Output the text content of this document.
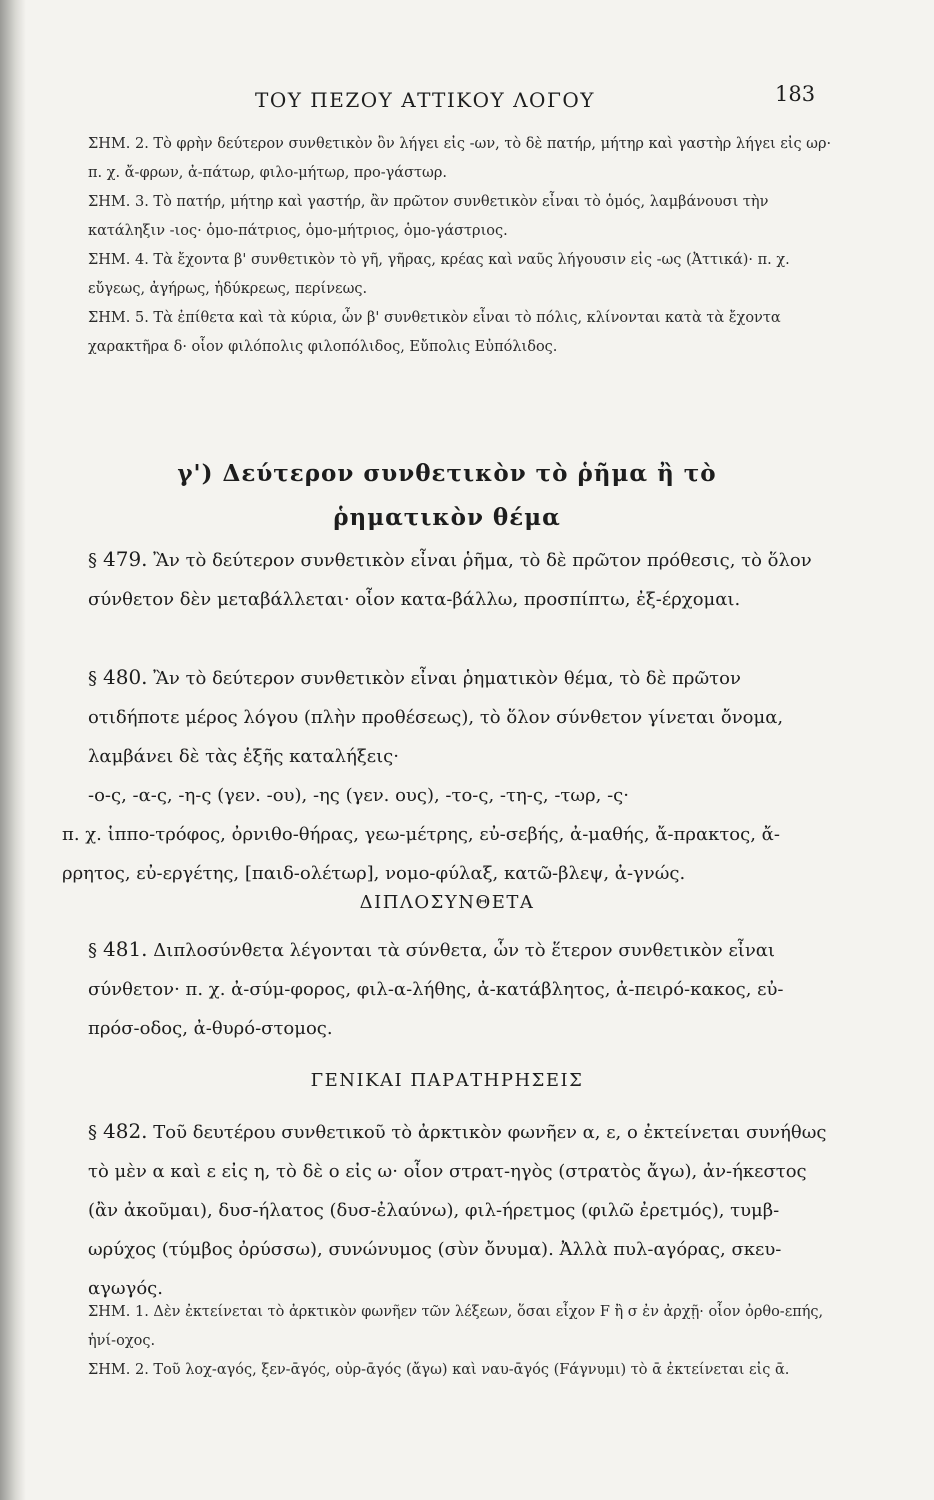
ΤΟΥ ΠΕΖΟΥ ΑΤΤΙΚΟΥ ΛΟΓΟΥ	183

ΣΗΜ. 2. Τὸ φρὴν δεύτερον συνθετικὸν ὂν λήγει εἰς -ων, τὸ δὲ πατήρ, μήτηρ καὶ γαστὴρ λήγει εἰς ωρ· π. χ. ἄ-φρων, ἀ-πάτωρ, φιλο-μήτωρ, προ-γάστωρ.

ΣΗΜ. 3. Τὸ πατήρ, μήτηρ καὶ γαστήρ, ἂν πρῶτον συνθετικὸν εἶναι τὸ ὁμός, λαμβάνουσι τὴν κατάληξιν -ιος· ὁμο-πάτριος, ὁμο-μήτριος, ὁμο-γάστριος.

ΣΗΜ. 4. Τὰ ἔχοντα β' συνθετικὸν τὸ γῆ, γῆρας, κρέας καὶ ναῦς λήγουσιν εἰς -ως (Ἀττικά)· π. χ. εὔγεως, ἀγήρως, ἡδύκρεως, περίνεως.

ΣΗΜ. 5. Τὰ ἐπίθετα καὶ τὰ κύρια, ὧν β' συνθετικὸν εἶναι τὸ πόλις, κλίνονται κατὰ τὰ ἔχοντα χαρακτῆρα δ· οἷον φιλόπολις φιλοπόλιδος, Εὔπολις Εὐπόλιδος.

γ') Δεύτερον συνθετικὸν τὸ ῥῆμα ἢ τὸ
ῥηματικὸν θέμα

§ 479. Ἂν τὸ δεύτερον συνθετικὸν εἶναι ῥῆμα, τὸ δὲ πρῶτον πρόθεσις, τὸ ὅλον σύνθετον δὲν μεταβάλλεται· οἷον κατα-βάλλω, προσπίπτω, ἐξ-έρχομαι.

§ 480. Ἂν τὸ δεύτερον συνθετικὸν εἶναι ῥηματικὸν θέμα, τὸ δὲ πρῶτον οτιδήποτε μέρος λόγου (πλὴν προθέσεως), τὸ ὅλον σύνθετον γίνεται ὄνομα, λαμβάνει δὲ τὰς ἑξῆς καταλήξεις·

-ο-ς, -α-ς, -η-ς (γεν. -ου), -ης (γεν. ους), -το-ς, -τη-ς, -τωρ, -ς·

π. χ. ἱππο-τρόφος, ὀρνιθο-θήρας, γεω-μέτρης, εὐ-σεβής, ἀ-μαθής, ἄ-πρακτος, ἄ-ρρητος, εὐ-εργέτης, [παιδ-ολέτωρ], νομο-φύλαξ, κατῶ-βλεψ, ἀ-γνώς.

ΔΙΠΛΟΣΥΝΘΕΤΑ

§ 481. Διπλοσύνθετα λέγονται τὰ σύνθετα, ὧν τὸ ἕτερον συνθετικὸν εἶναι σύνθετον· π. χ. ἀ-σύμ-φορος, φιλ-α-λήθης, ἀ-κατάβλητος, ἀ-πειρό-κακος, εὐ-πρόσ-οδος, ἀ-θυρό-στομος.

ΓΕΝΙΚΑΙ ΠΑΡΑΤΗΡΗΣΕΙΣ

§ 482. Τοῦ δευτέρου συνθετικοῦ τὸ ἀρκτικὸν φωνῆεν α, ε, ο ἐκτείνεται συνήθως τὸ μὲν α καὶ ε εἰς η, τὸ δὲ ο εἰς ω· οἷον στρατ-ηγὸς (στρατὸς ἄγω), ἀν-ήκεστος (ἂν ἀκοῦμαι), δυσ-ήλατος (δυσ-ἐλαύνω), φιλ-ήρετμος (φιλῶ ἐρετμός), τυμβ-ωρύχος (τύμβος ὀρύσσω), συνώνυμος (σὺν ὄνυμα). Ἀλλὰ πυλ-αγόρας, σκευ-αγωγός.

ΣΗΜ. 1. Δὲν ἐκτείνεται τὸ ἀρκτικὸν φωνῆεν τῶν λέξεων, ὅσαι εἶχον F ἢ σ ἐν ἀρχῇ· οἷον ὀρθο-επής, ἡνί-οχος.

ΣΗΜ. 2. Τοῦ λοχ-αγός, ξεν-ᾱγός, οὐρ-ᾱγός (ἄγω) καὶ ναυ-ᾱγός (Fάγνυμι) τὸ ᾱ ἐκτείνεται εἰς ᾱ.
